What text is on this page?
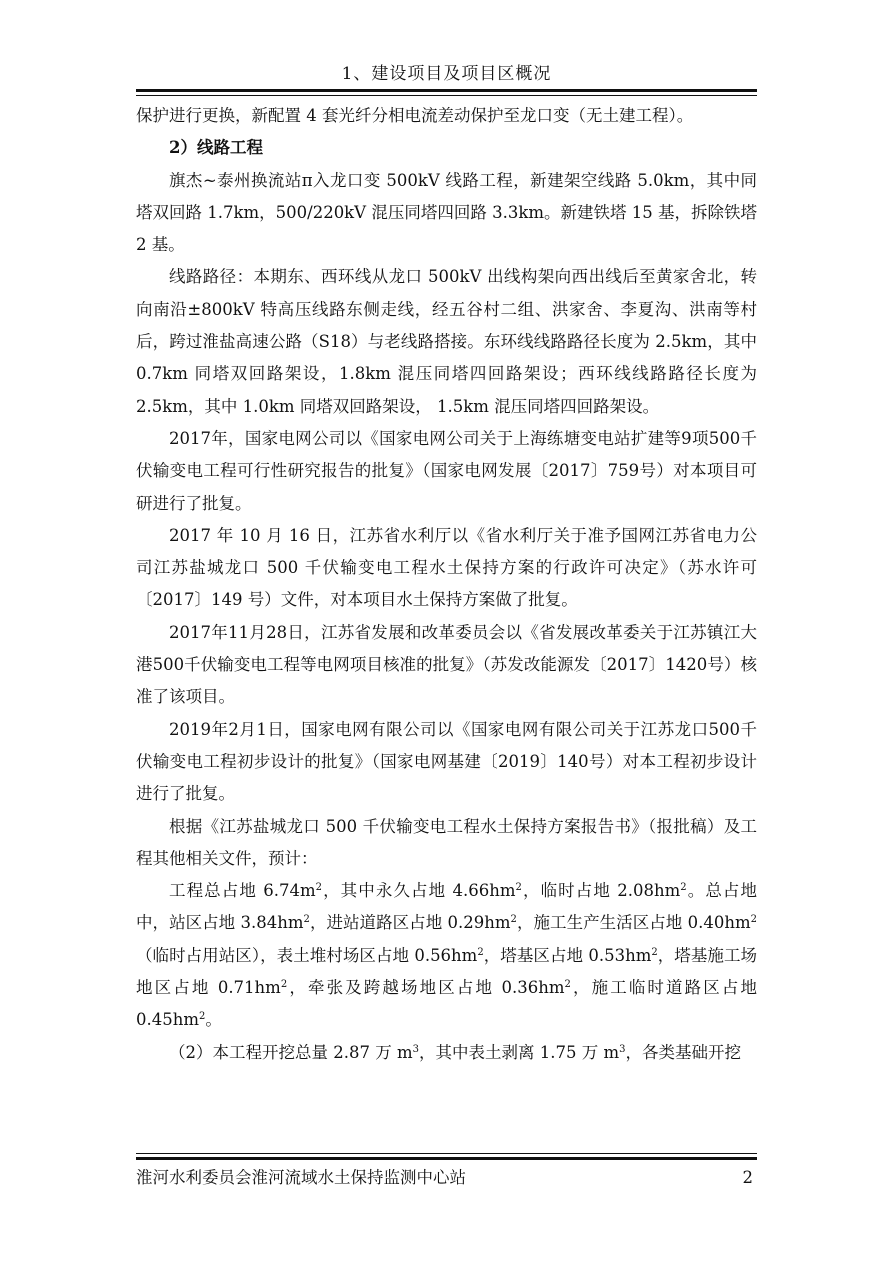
1、建设项目及项目区概况

保护进行更换，新配置 4 套光纤分相电流差动保护至龙口变（无土建工程）。

2）线路工程

旗杰~泰州换流站π入龙口变 500kV 线路工程，新建架空线路 5.0km，其中同塔双回路 1.7km，500/220kV 混压同塔四回路 3.3km。新建铁塔 15 基，拆除铁塔 2 基。

线路路径：本期东、西环线从龙口 500kV 出线构架向西出线后至黄家舍北，转向南沿±800kV 特高压线路东侧走线，经五谷村二组、洪家舍、李夏沟、洪南等村后，跨过淮盐高速公路（S18）与老线路搭接。东环线线路路径长度为 2.5km，其中 0.7km 同塔双回路架设，1.8km 混压同塔四回路架设；西环线线路路径长度为 2.5km，其中 1.0km 同塔双回路架设， 1.5km 混压同塔四回路架设。

2017年，国家电网公司以《国家电网公司关于上海练塘变电站扩建等9项500千伏输变电工程可行性研究报告的批复》（国家电网发展〔2017〕759号）对本项目可研进行了批复。

2017 年 10 月 16 日，江苏省水利厅以《省水利厅关于准予国网江苏省电力公司江苏盐城龙口 500 千伏输变电工程水土保持方案的行政许可决定》（苏水许可〔2017〕149 号）文件，对本项目水土保持方案做了批复。

2017年11月28日，江苏省发展和改革委员会以《省发展改革委关于江苏镇江大港500千伏输变电工程等电网项目核准的批复》（苏发改能源发〔2017〕1420号）核准了该项目。

2019年2月1日，国家电网有限公司以《国家电网有限公司关于江苏龙口500千伏输变电工程初步设计的批复》（国家电网基建〔2019〕140号）对本工程初步设计进行了批复。

根据《江苏盐城龙口 500 千伏输变电工程水土保持方案报告书》（报批稿）及工程其他相关文件，预计：

工程总占地 $6.74m^2$，其中永久占地 $4.66hm^2$，临时占地 $2.08hm^2$。总占地中，站区占地 $3.84hm^2$，进站道路区占地 $0.29hm^2$，施工生产生活区占地 $0.40hm^2$（临时占用站区），表土堆村场区占地 $0.56hm^2$，塔基区占地 $0.53hm^2$，塔基施工场地区占地 $0.71hm^2$，牵张及跨越场地区占地 $0.36hm^2$，施工临时道路区占地 $0.45hm^2$。

（2）本工程开挖总量 2.87 万 $m^3$，其中表土剥离 1.75 万 $m^3$，各类基础开挖

淮河水利委员会淮河流域水土保持监测中心站	2
